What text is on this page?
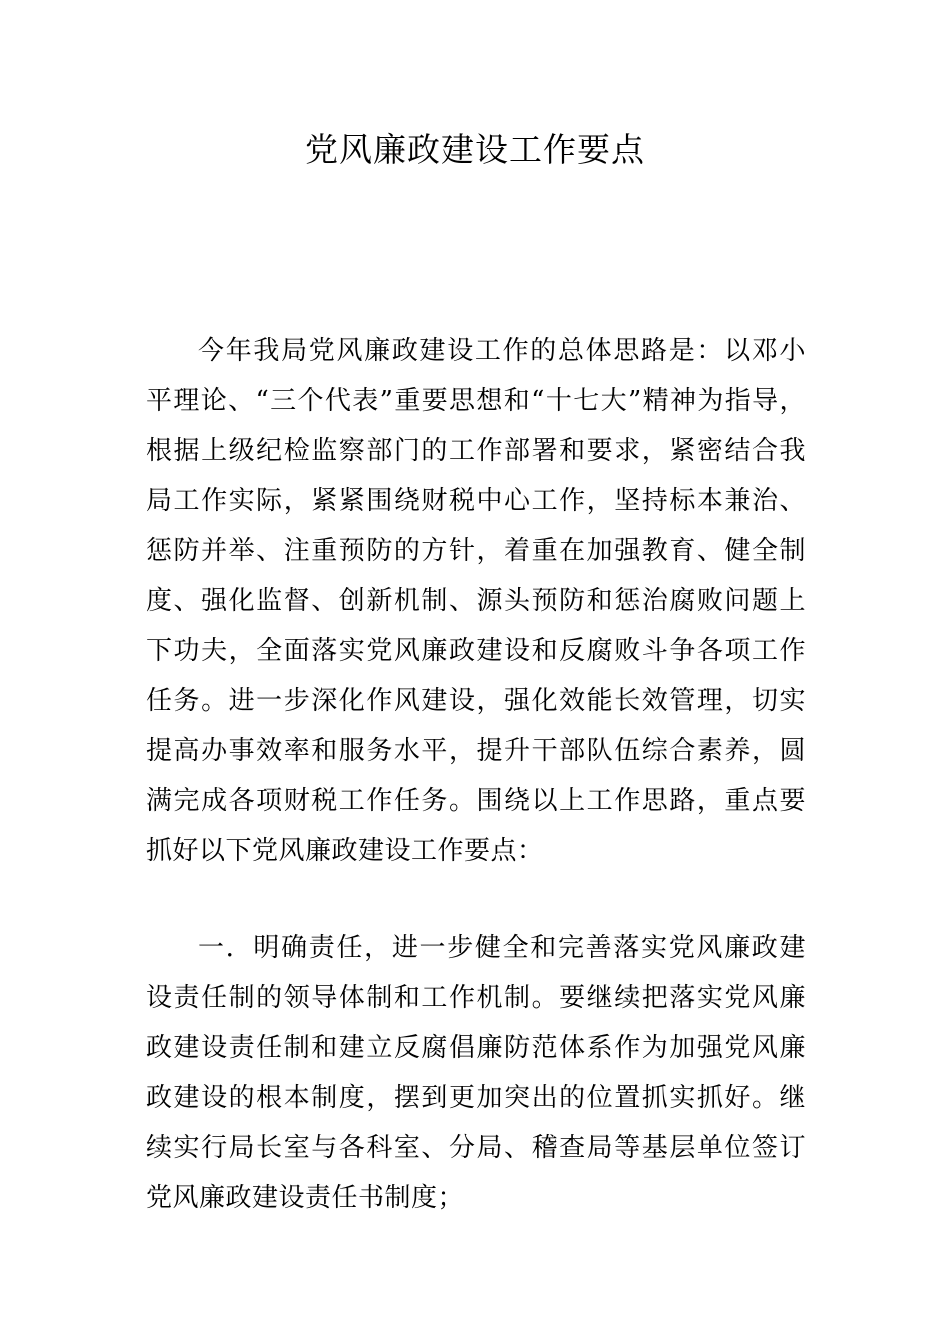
党风廉政建设工作要点

今年我局党风廉政建设工作的总体思路是：以邓小平理论、“三个代表”重要思想和“十七大”精神为指导，根据上级纪检监察部门的工作部署和要求，紧密结合我局工作实际，紧紧围绕财税中心工作，坚持标本兼治、惩防并举、注重预防的方针，着重在加强教育、健全制度、强化监督、创新机制、源头预防和惩治腐败问题上下功夫，全面落实党风廉政建设和反腐败斗争各项工作任务。进一步深化作风建设，强化效能长效管理，切实提高办事效率和服务水平，提升干部队伍综合素养，圆满完成各项财税工作任务。围绕以上工作思路，重点要抓好以下党风廉政建设工作要点：

一．明确责任，进一步健全和完善落实党风廉政建设责任制的领导体制和工作机制。要继续把落实党风廉政建设责任制和建立反腐倡廉防范体系作为加强党风廉政建设的根本制度，摆到更加突出的位置抓实抓好。继续实行局长室与各科室、分局、稽查局等基层单位签订党风廉政建设责任书制度；
